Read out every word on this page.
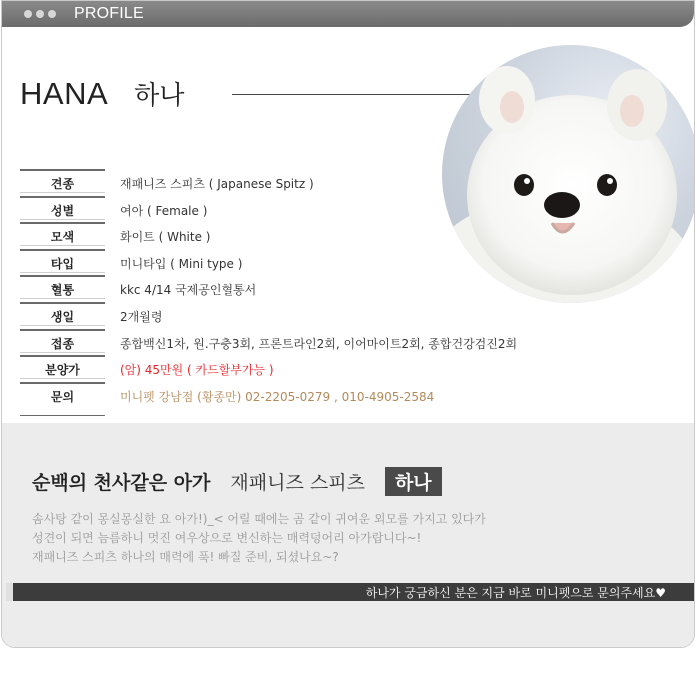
PROFILE
HANA 하나
견종	재패니즈 스피츠 ( Japanese Spitz )
성별	여아 ( Female )
모색	화이트 ( White )
타입	미니타입 ( Mini type )
혈통	kkc 4/14 국제공인혈통서
생일	2개월령
접종	종합백신1차, 원.구충3회, 프론트라인2회, 이어마이트2회, 종합건강검진2회
분양가	(암) 45만원 ( 카드할부가능 )
문의	미니펫 강남점 (황종만) 02-2205-0279 , 010-4905-2584
순백의 천사같은 아가 재패니즈 스피츠	하나
솜사탕 같이 몽실몽실한 요 아가!)_< 어릴 때에는 곰 같이 귀여운 외모를 가지고 있다가
성견이 되면 늠름하니 멋진 여우상으로 변신하는 매력덩어리 아가랍니다~!
재패니즈 스피츠 하나의 매력에 푹! 빠질 준비, 되셨나요~?
하나가 궁금하신 분은 지금 바로 미니펫으로 문의주세요♥
